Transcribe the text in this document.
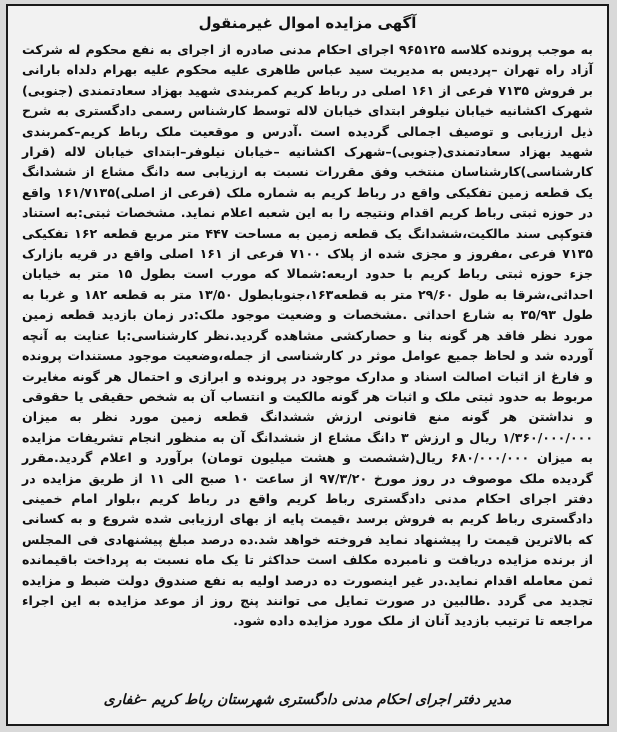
آگهی مزایده اموال غیرمنقول
به موجب پرونده کلاسه ۹۶۵۱۲۵ اجرای احکام مدنی صادره از اجرای به نفع محکوم له شرکت آزاد راه تهران –پردیس به مدیریت سید عباس طاهری علیه محکوم علیه بهرام دلداه بارانی بر فروش ۷۱۳۵ فرعی از ۱۶۱ اصلی در رباط کریم کمربندی شهید بهزاد سعادتمندی (جنوبی) شهرک اکشانیه خیابان نیلوفر ابتدای خیابان لاله توسط کارشناس رسمی دادگستری به شرح ذیل ارزیابی و توصیف اجمالی گردیده است .آدرس و موقعیت ملک رباط کریم–کمربندی شهید بهزاد سعادتمندی(جنوبی)–شهرک اکشانیه –خیابان نیلوفر–ابتدای خیابان لاله (قرار کارشناسی)کارشناسان منتخب وفق مقررات نسبت به ارزیابی سه دانگ مشاع از ششدانگ یک قطعه زمین تفکیکی واقع در رباط کریم به شماره ملک (فرعی از اصلی)۱۶۱/۷۱۳۵ واقع در حوزه ثبتی رباط کریم اقدام ونتیجه را به این شعبه اعلام نماید. مشخصات ثبتی:به استناد فتوکپی سند مالکیت،ششدانگ یک قطعه زمین به مساحت ۴۴۷ متر مربع قطعه ۱۶۲ تفکیکی ۷۱۳۵ فرعی ،مفروز و مجزی شده از پلاک ۷۱۰۰ فرعی از ۱۶۱ اصلی واقع در قریه بازارک جزء حوزه ثبتی رباط کریم با حدود اربعه:شمالا که مورب است بطول ۱۵ متر به خیابان احداثی،شرقا به طول ۲۹/۶۰ متر به قطعه۱۶۳،جنوبابطول ۱۳/۵۰ متر به قطعه ۱۸۲ و غربا به طول ۳۵/۹۳ به شارع احداثی .مشخصات و وضعیت موجود ملک:در زمان بازدید قطعه زمین مورد نظر فاقد هر گونه بنا و حصارکشی مشاهده گردید.نظر کارشناسی:با عنایت به آنچه آورده شد و لحاظ جمیع عوامل موثر در کارشناسی از جمله،وضعیت موجود مستندات پرونده و فارغ از اثبات اصالت اسناد و مدارک موجود در پرونده و ابرازی و احتمال هر گونه مغایرت مربوط به حدود ثبتی ملک و اثبات هر گونه مالکیت و انتساب آن به شخص حقیقی یا حقوقی و نداشتن هر گونه منع قانونی ارزش ششدانگ قطعه زمین مورد نظر به میزان ۱/۳۶۰/۰۰۰/۰۰۰ ریال و ارزش ۳ دانگ مشاع از ششدانگ آن به منظور انجام تشریفات مزایده به میزان ۶۸۰/۰۰۰/۰۰۰ ریال(ششصت و هشت میلیون تومان) برآورد و اعلام گردید.مقرر گردیده ملک موصوف در روز مورخ ۹۷/۳/۲۰ از ساعت ۱۰ صبح الی ۱۱ از طریق مزایده در دفتر اجرای احکام مدنی دادگستری رباط کریم واقع در رباط کریم ،بلوار امام خمینی دادگستری رباط کریم به فروش برسد ،قیمت پایه از بهای ارزیابی شده شروع و به کسانی که بالاترین قیمت را پیشنهاد نماید فروخته خواهد شد.ده درصد مبلغ پیشنهادی فی المجلس از برنده مزایده دریافت و نامبرده مکلف است حداکثر تا یک ماه نسبت به پرداخت باقیمانده ثمن معامله اقدام نماید.در غیر اینصورت ده درصد اولیه به نفع صندوق دولت ضبط و مزایده تجدید می گردد .طالبین در صورت تمایل می توانند پنج روز از موعد مزایده به این اجراء مراجعه تا ترتیب بازدید آنان از ملک مورد مزایده داده شود.
مدیر دفتر اجرای احکام مدنی دادگستری شهرستان رباط کریم –غفاری
